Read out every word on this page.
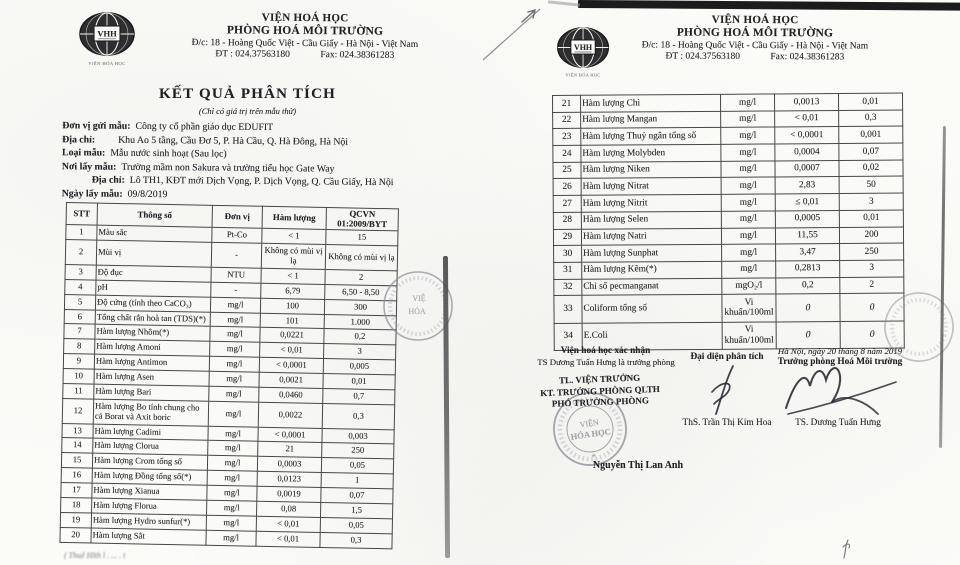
VHH
VIỆN HÓA HỌC
VIỆN HOÁ HỌC
PHÒNG HOÁ MÔI TRƯỜNG
Đ/c: 18 - Hoàng Quốc Việt - Cầu Giấy - Hà Nội - Việt Nam
ĐT : 024.37563180	Fax: 024.38361283
KẾT QUẢ PHÂN TÍCH
(Chỉ có giá trị trên mẫu thử)
Đơn vị gửi mẫu: Công ty cổ phần giáo dục EDUFIT
Địa chỉ: Khu Ao 5 tầng, Cầu Đơ 5, P. Hà Cầu, Q. Hà Đông, Hà Nội
Loại mẫu: Mẫu nước sinh hoạt (Sau lọc)
Nơi lấy mẫu: Trường mầm non Sakura và trường tiểu học Gate Way
Địa chỉ: Lô TH1, KĐT mới Dịch Vọng, P. Dịch Vọng, Q. Cầu Giấy, Hà Nội
Ngày lấy mẫu: 09/8/2019
STT	Thông số	Đơn vị	Hàm lượng	QCVN 01:2009/BYT
1	Màu sắc	Pt-Co	< 1	15
2	Mùi vị	-	Không có mùi vị lạ	Không có mùi vị lạ
3	Độ đục	NTU	< 1	2
4	pH	-	6,79	6,50 - 8,50
5	Độ cứng (tính theo CaCO₃)	mg/l	100	300
6	Tổng chất rắn hoà tan (TDS)(*)	mg/l	101	1.000
7	Hàm lượng Nhôm(*)	mg/l	0,0221	0,2
8	Hàm lượng Amoni	mg/l	< 0,01	3
9	Hàm lượng Antimon	mg/l	< 0,0001	0,005
10	Hàm lượng Asen	mg/l	0,0021	0,01
11	Hàm lượng Bari	mg/l	0,0460	0,7
12	Hàm lượng Bo tính chung cho cả Borat và Axit boric	mg/l	0,0022	0,3
13	Hàm lượng Cadimi	mg/l	< 0,0001	0,003
14	Hàm lượng Clorua	mg/l	21	250
15	Hàm lượng Crom tổng số	mg/l	0,0003	0,05
16	Hàm lượng Đồng tổng số(*)	mg/l	0,0123	1
17	Hàm lượng Xianua	mg/l	0,0019	0,07
18	Hàm lượng Florua	mg/l	0,08	1,5
19	Hàm lượng Hydro sunfur(*)	mg/l	< 0,01	0,05
20	Hàm lượng Sắt	mg/l	< 0,01	0,3
VIỆ
HÓA
( Thuê Hlth l . ... . t
VHH
VIỆN HÓA HỌC
VIỆN HOÁ HỌC
PHÒNG HOÁ MÔI TRƯỜNG
Đ/c: 18 - Hoàng Quốc Việt - Cầu Giấy - Hà Nội - Việt Nam
ĐT : 024.37563180	Fax: 024.38361283
21	Hàm lượng Chì	mg/l	0,0013	0,01
22	Hàm lượng Mangan	mg/l	< 0,01	0,3
23	Hàm lượng Thuỷ ngân tổng số	mg/l	< 0,0001	0,001
24	Hàm lượng Molybden	mg/l	0,0004	0,07
25	Hàm lượng Niken	mg/l	0,0007	0,02
26	Hàm lượng Nitrat	mg/l	2,83	50
27	Hàm lượng Nitrit	mg/l	≤ 0,01	3
28	Hàm lượng Selen	mg/l	0,0005	0,01
29	Hàm lượng Natri	mg/l	11,55	200
30	Hàm lượng Sunphat	mg/l	3,47	250
31	Hàm lượng Kẽm(*)	mg/l	0,2813	3
32	Chỉ số pecmanganat	mgO₂/l	0,2	2
33	Coliform tổng số	Vi khuẩn/100ml	0	0
34	E.Coli	Vi khuẩn/100ml	0	0
Viện hoá học xác nhận
TS Dương Tuấn Hưng là trưởng phòng	Đại diện phân tích
Hà Nội, ngày 20 tháng 8 năm 2019
Trưởng phòng Hoá Môi trường
VIỆN
HÓA HỌC
*
TL. VIỆN TRƯỞNG
KT. TRƯỞNG PHÒNG QLTH
PHÓ TRƯỞNG PHÒNG
Nguyễn Thị Lan Anh
ThS. Trần Thị Kim Hoa	TS. Dương Tuấn Hưng
